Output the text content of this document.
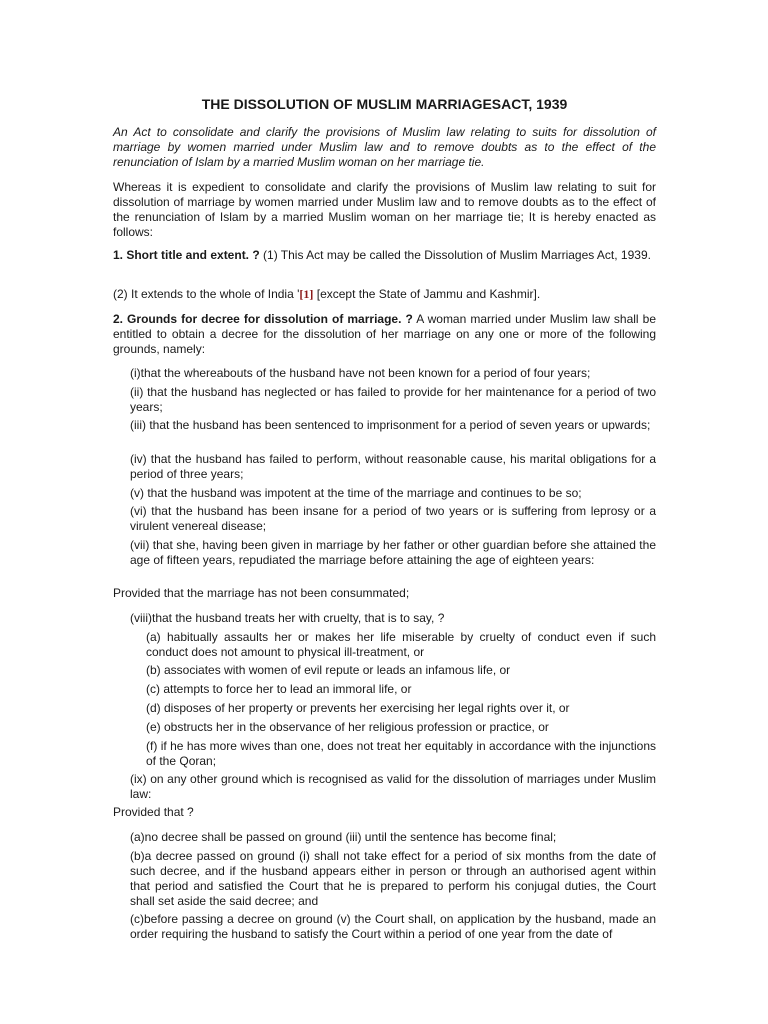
THE DISSOLUTION OF MUSLIM MARRIAGESACT, 1939

An Act to consolidate and clarify the provisions of Muslim law relating to suits for dissolution of marriage by women married under Muslim law and to remove doubts as to the effect of the renunciation of Islam by a married Muslim woman on her marriage tie.

Whereas it is expedient to consolidate and clarify the provisions of Muslim law relating to suit for dissolution of marriage by women married under Muslim law and to remove doubts as to the effect of the renunciation of Islam by a married Muslim woman on her marriage tie; It is hereby enacted as follows:

1. Short title and extent. ? (1) This Act may be called the Dissolution of Muslim Marriages Act, 1939.

(2) It extends to the whole of India '[1] [except the State of Jammu and Kashmir].

2. Grounds for decree for dissolution of marriage. ? A woman married under Muslim law shall be entitled to obtain a decree for the dissolution of her marriage on any one or more of the following grounds, namely:

(i)that the whereabouts of the husband have not been known for a period of four years;

(ii) that the husband has neglected or has failed to provide for her maintenance for a period of two years;

(iii) that the husband has been sentenced to imprisonment for a period of seven years or upwards;

(iv) that the husband has failed to perform, without reasonable cause, his marital obligations for a period of three years;

(v) that the husband was impotent at the time of the marriage and continues to be so;

(vi) that the husband has been insane for a period of two years or is suffering from leprosy or a virulent venereal disease;

(vii) that she, having been given in marriage by her father or other guardian before she attained the age of fifteen years, repudiated the marriage before attaining the age of eighteen years:

Provided that the marriage has not been consummated;

(viii)that the husband treats her with cruelty, that is to say, ?

(a) habitually assaults her or makes her life miserable by cruelty of conduct even if such conduct does not amount to physical ill-treatment, or

(b) associates with women of evil repute or leads an infamous life, or

(c) attempts to force her to lead an immoral life, or

(d) disposes of her property or prevents her exercising her legal rights over it, or

(e) obstructs her in the observance of her religious profession or practice, or

(f) if he has more wives than one, does not treat her equitably in accordance with the injunctions of the Qoran;

(ix) on any other ground which is recognised as valid for the dissolution of marriages under Muslim law:

Provided that ?

(a)no decree shall be passed on ground (iii) until the sentence has become final;

(b)a decree passed on ground (i) shall not take effect for a period of six months from the date of such decree, and if the husband appears either in person or through an authorised agent within that period and satisfied the Court that he is prepared to perform his conjugal duties, the Court shall set aside the said decree; and

(c)before passing a decree on ground (v) the Court shall, on application by the husband, made an order requiring the husband to satisfy the Court within a period of one year from the date of
